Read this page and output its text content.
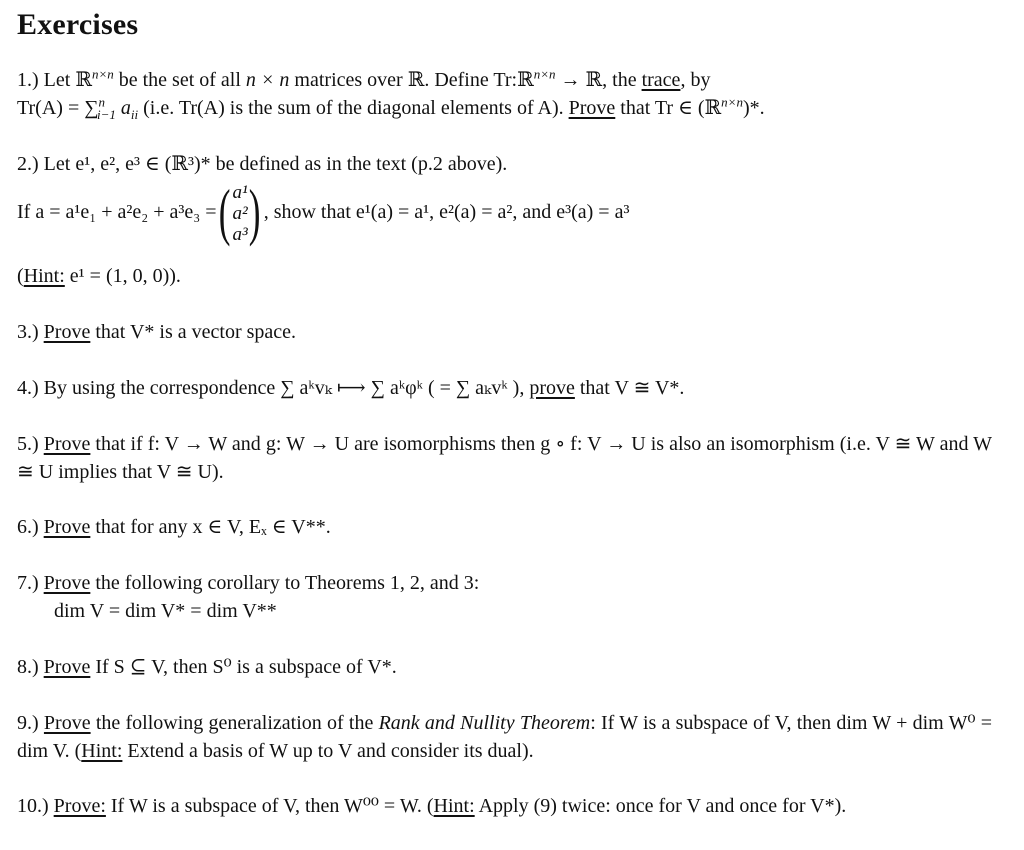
Exercises
1.) Let ℝ$^{n\times n}$ be the set of all n × n matrices over ℝ. Define Tr:ℝ$^{n\times n}$ → ℝ, the trace, by
Tr(A) = ∑$^n_{i-1}$ $a_{ii}$ (i.e. Tr(A) is the sum of the diagonal elements of A). Prove that Tr ∈ (ℝ$^{n\times n}$)*.
2.) Let e¹, e², e³ ∈ (ℝ³)* be defined as in the text (p.2 above).
If a = a¹e₁ + a²e₂ + a³e₃ = ( a¹
a²
a³ ) , show that e¹(a) = a¹, e²(a) = a², and e³(a) = a³
(Hint: e¹ = (1, 0, 0)).
3.) Prove that V* is a vector space.
4.) By using the correspondence ∑ aᵏvₖ ⟼ ∑ aᵏφᵏ ( = ∑ aₖvᵏ ), prove that V ≅ V*.
5.) Prove that if f: V → W and g: W → U are isomorphisms then g ∘ f: V → U is also an isomorphism (i.e. V ≅ W and W ≅ U implies that V ≅ U).
6.) Prove that for any x ∈ V, Eₓ ∈ V**.
7.) Prove the following corollary to Theorems 1, 2, and 3:
dim V = dim V* = dim V**
8.) Prove If S ⊆ V, then S⁰ is a subspace of V*.
9.) Prove the following generalization of the Rank and Nullity Theorem: If W is a subspace of V, then dim W + dim W⁰ = dim V. (Hint: Extend a basis of W up to V and consider its dual).
10.) Prove: If W is a subspace of V, then W⁰⁰ = W. (Hint: Apply (9) twice: once for V and once for V*).
